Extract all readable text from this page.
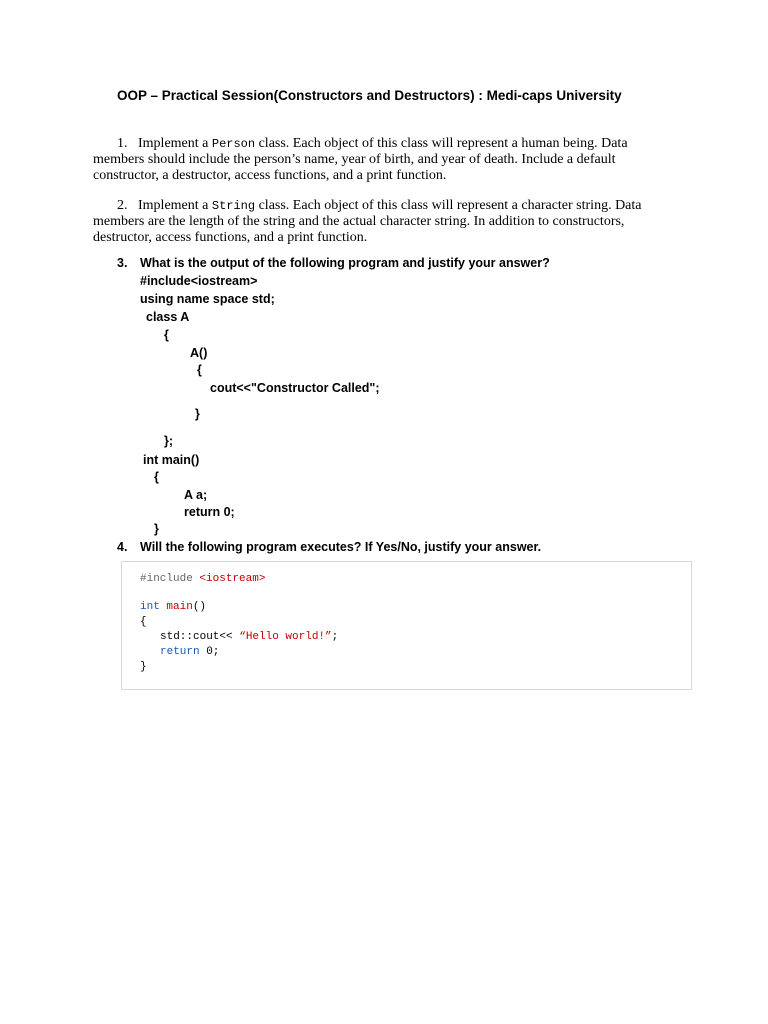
OOP – Practical Session(Constructors and Destructors) : Medi-caps University
1. Implement a Person class. Each object of this class will represent a human being. Data
members should include the person’s name, year of birth, and year of death. Include a default
constructor, a destructor, access functions, and a print function.
2. Implement a String class. Each object of this class will represent a character string. Data
members are the length of the string and the actual character string. In addition to constructors,
destructor, access functions, and a print function.
3. What is the output of the following program and justify your answer?
#include<iostream>
using name space std;
class A
{
A()
{
cout<<"Constructor Called";
}
};
int main()
{
A a;
return 0;
}
4. Will the following program executes? If Yes/No, justify your answer.
#include <iostream>
int main()
{
std::cout<< “Hello world!”;
return 0;
}
